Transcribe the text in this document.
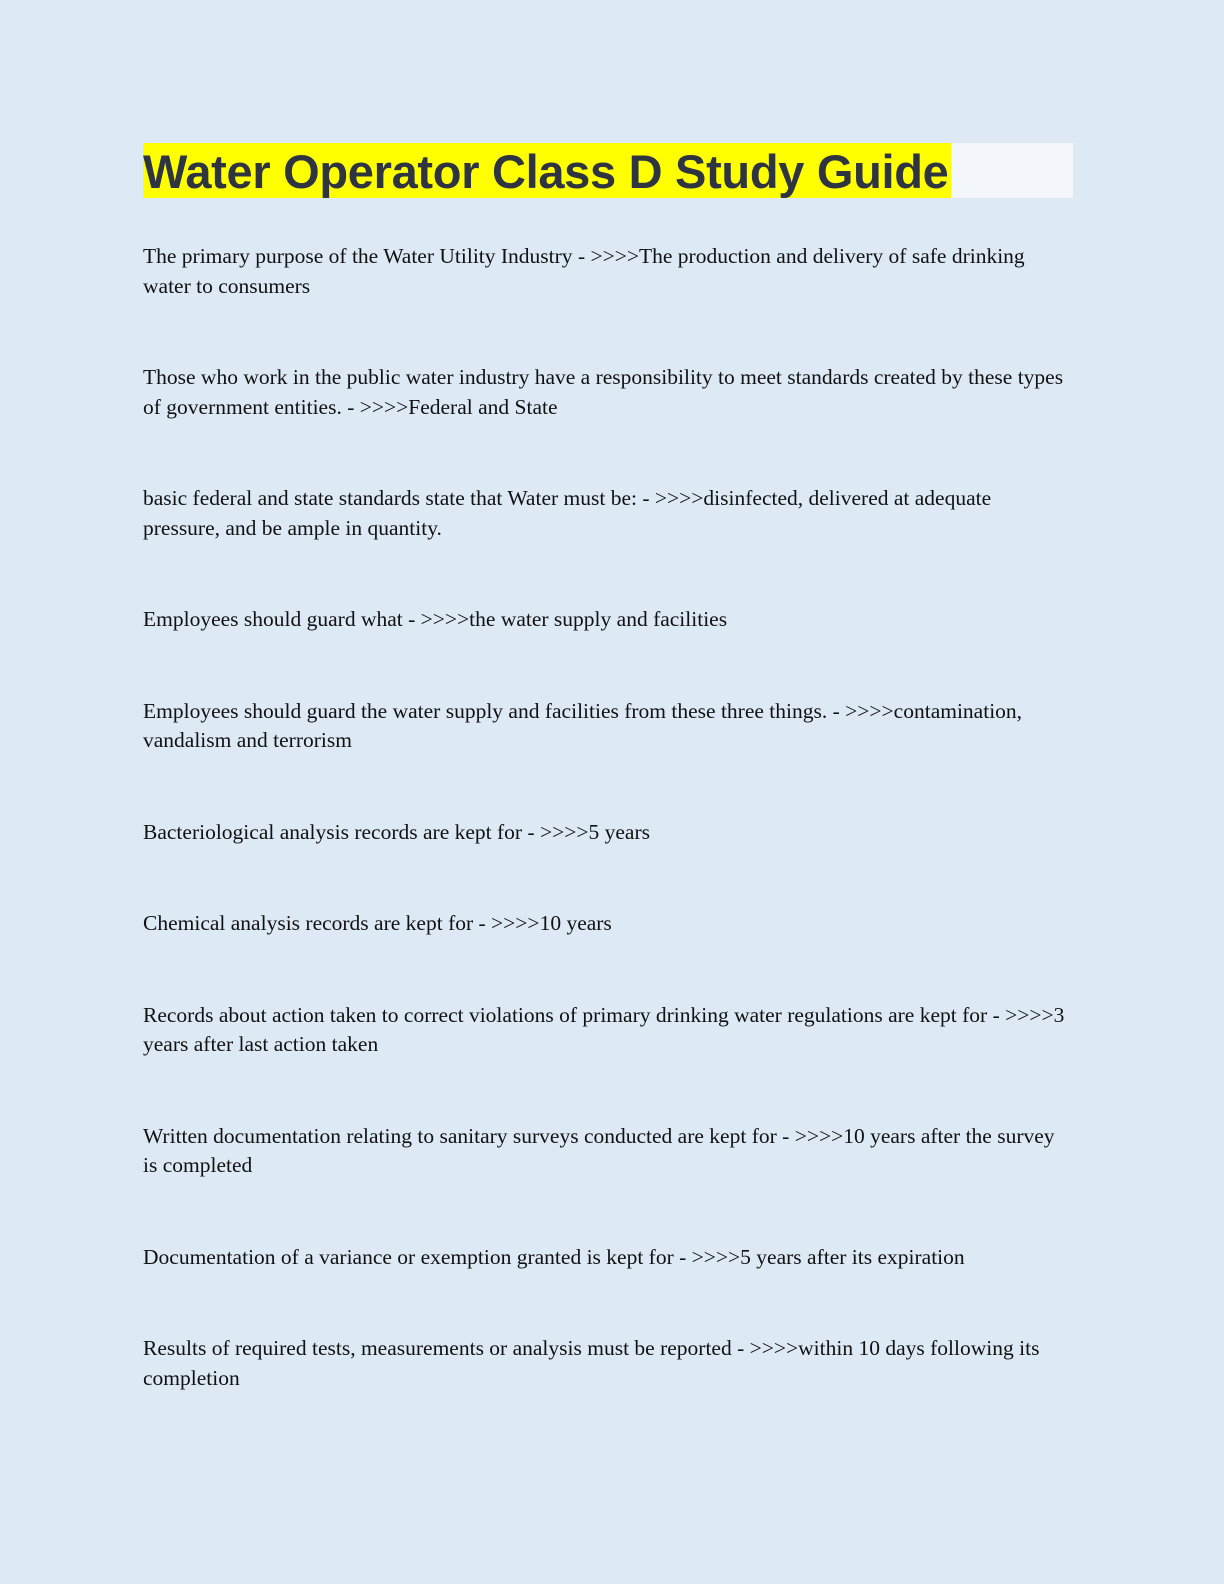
Water Operator Class D Study Guide

The primary purpose of the Water Utility Industry - >>>>The production and delivery of safe drinking water to consumers

Those who work in the public water industry have a responsibility to meet standards created by these types of government entities. - >>>>Federal and State

basic federal and state standards state that Water must be: - >>>>disinfected, delivered at adequate pressure, and be ample in quantity.

Employees should guard what - >>>>the water supply and facilities

Employees should guard the water supply and facilities from these three things. - >>>>contamination, vandalism and terrorism

Bacteriological analysis records are kept for - >>>>5 years

Chemical analysis records are kept for - >>>>10 years

Records about action taken to correct violations of primary drinking water regulations are kept for - >>>>3 years after last action taken

Written documentation relating to sanitary surveys conducted are kept for - >>>>10 years after the survey is completed

Documentation of a variance or exemption granted is kept for - >>>>5 years after its expiration

Results of required tests, measurements or analysis must be reported - >>>>within 10 days following its completion
